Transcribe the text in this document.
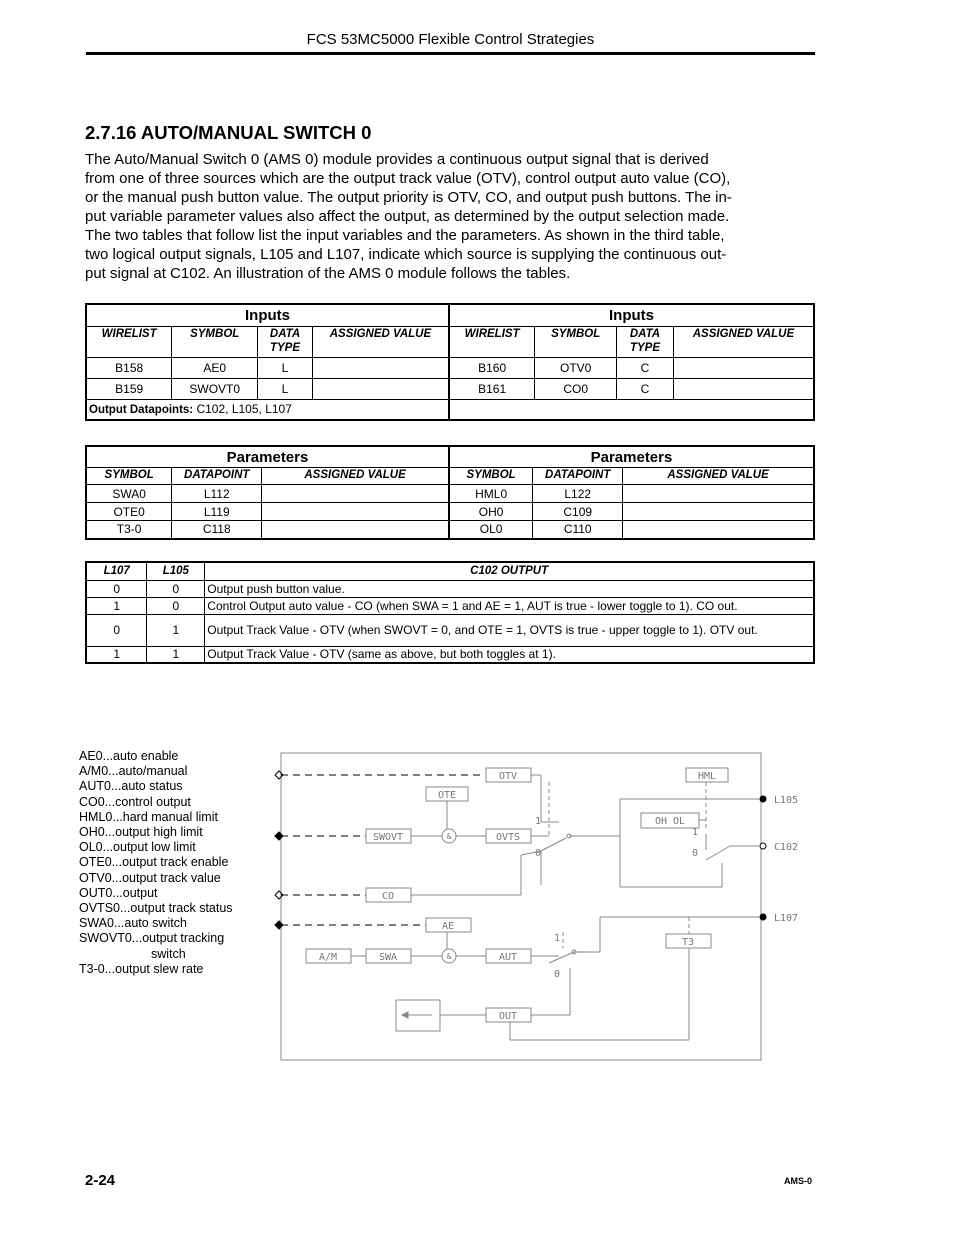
FCS 53MC5000 Flexible Control Strategies
2.7.16 AUTO/MANUAL SWITCH 0

The Auto/Manual Switch 0 (AMS 0) module provides a continuous output signal that is derived

from one of three sources which are the output track value (OTV), control output auto value (CO),

or the manual push button value. The output priority is OTV, CO, and output push buttons. The in-

put variable parameter values also affect the output, as determined by the output selection made.

The two tables that follow list the input variables and the parameters. As shown in the third table,

two logical output signals, L105 and L107, indicate which source is supplying the continuous out-

put signal at C102. An illustration of the AMS 0 module follows the tables.

Inputs				Inputs			
WIRELIST	SYMBOL	DATA TYPE	ASSIGNED VALUE	WIRELIST	SYMBOL	DATA TYPE	ASSIGNED VALUE
B158	AE0	L		B160	OTV0	C	
B159	SWOVT0	L		B161	CO0	C	
Output Datapoints: C102, L105, L107							
Parameters			Parameters		
SYMBOL	DATAPOINT	ASSIGNED VALUE	SYMBOL	DATAPOINT	ASSIGNED VALUE
SWA0	L112		HML0	L122	
OTE0	L119		OH0	C109	
T3-0	C118		OL0	C110	
L107	L105	C102 OUTPUT
0	0	Output push button value.
1	0	Control Output auto value - CO (when SWA = 1 and AE = 1, AUT is true - lower toggle to 1). CO out.
0	1	Output Track Value - OTV (when SWOVT = 0, and OTE = 1, OVTS is true - upper toggle to 1). OTV out.
1	1	Output Track Value - OTV (same as above, but both toggles at 1).
AE0...auto enable
A/M0...auto/manual
AUT0...auto status
CO0...control output
HML0...hard manual limit
OH0...output high limit
OL0...output low limit
OTE0...output track enable
OTV0...output track value
OUT0...output
OVTS0...output track status
SWA0...auto switch
SWOVT0...output tracking
switch
T3-0...output slew rate
OTV
OTE
SWOVT	OVTS
CO
AE
A/M	SWA	AUT
OUT
HML
OH OL
T3
&
&
1
0
1
0
1
0
L105
C102
L107
2-24	AMS-0
